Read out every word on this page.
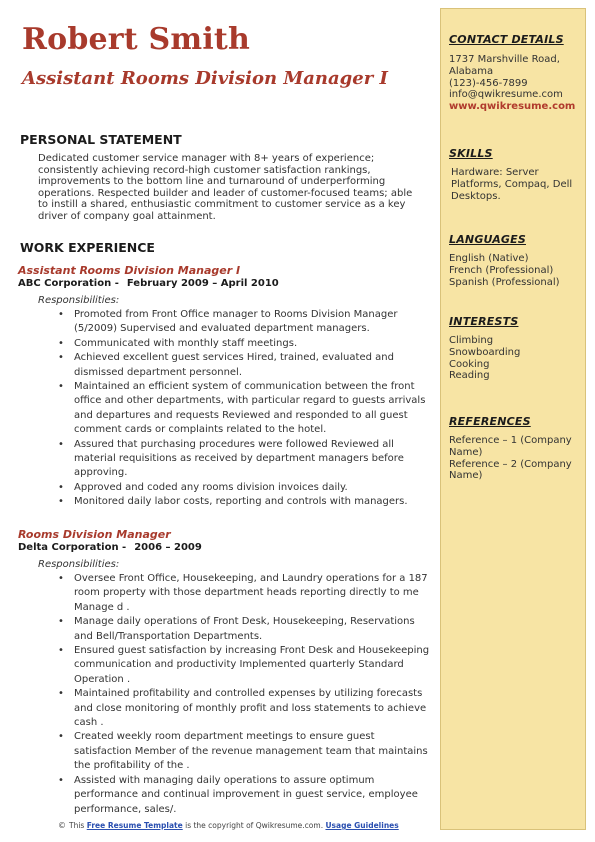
Robert Smith
Assistant Rooms Division Manager I
PERSONAL STATEMENT
Dedicated customer service manager with 8+ years of experience; consistently achieving record-high customer satisfaction rankings, improvements to the bottom line and turnaround of underperforming operations. Respected builder and leader of customer-focused teams; able to instill a shared, enthusiastic commitment to customer service as a key driver of company goal attainment.
WORK EXPERIENCE
Assistant Rooms Division Manager I
ABC Corporation - February 2009 – April 2010
Responsibilities:
• Promoted from Front Office manager to Rooms Division Manager (5/2009) Supervised and evaluated department managers.
• Communicated with monthly staff meetings.
• Achieved excellent guest services Hired, trained, evaluated and dismissed department personnel.
• Maintained an efficient system of communication between the front office and other departments, with particular regard to guests arrivals and departures and requests Reviewed and responded to all guest comment cards or complaints related to the hotel.
• Assured that purchasing procedures were followed Reviewed all material requisitions as received by department managers before approving.
• Approved and coded any rooms division invoices daily.
• Monitored daily labor costs, reporting and controls with managers.
Rooms Division Manager
Delta Corporation - 2006 – 2009
Responsibilities:
• Oversee Front Office, Housekeeping, and Laundry operations for a 187 room property with those department heads reporting directly to me Manage d .
• Manage daily operations of Front Desk, Housekeeping, Reservations and Bell/Transportation Departments.
• Ensured guest satisfaction by increasing Front Desk and Housekeeping communication and productivity Implemented quarterly Standard Operation .
• Maintained profitability and controlled expenses by utilizing forecasts and close monitoring of monthly profit and loss statements to achieve cash .
• Created weekly room department meetings to ensure guest satisfaction Member of the revenue management team that maintains the profitability of the .
• Assisted with managing daily operations to assure optimum performance and continual improvement in guest service, employee performance, sales/.
CONTACT DETAILS
1737 Marshville Road, Alabama
(123)-456-7899
info@qwikresume.com
www.qwikresume.com
SKILLS
Hardware: Server Platforms, Compaq, Dell Desktops.
LANGUAGES
English (Native)
French (Professional)
Spanish (Professional)
INTERESTS
Climbing
Snowboarding
Cooking
Reading
REFERENCES
Reference – 1 (Company Name)
Reference – 2 (Company Name)
© This Free Resume Template is the copyright of Qwikresume.com. Usage Guidelines
